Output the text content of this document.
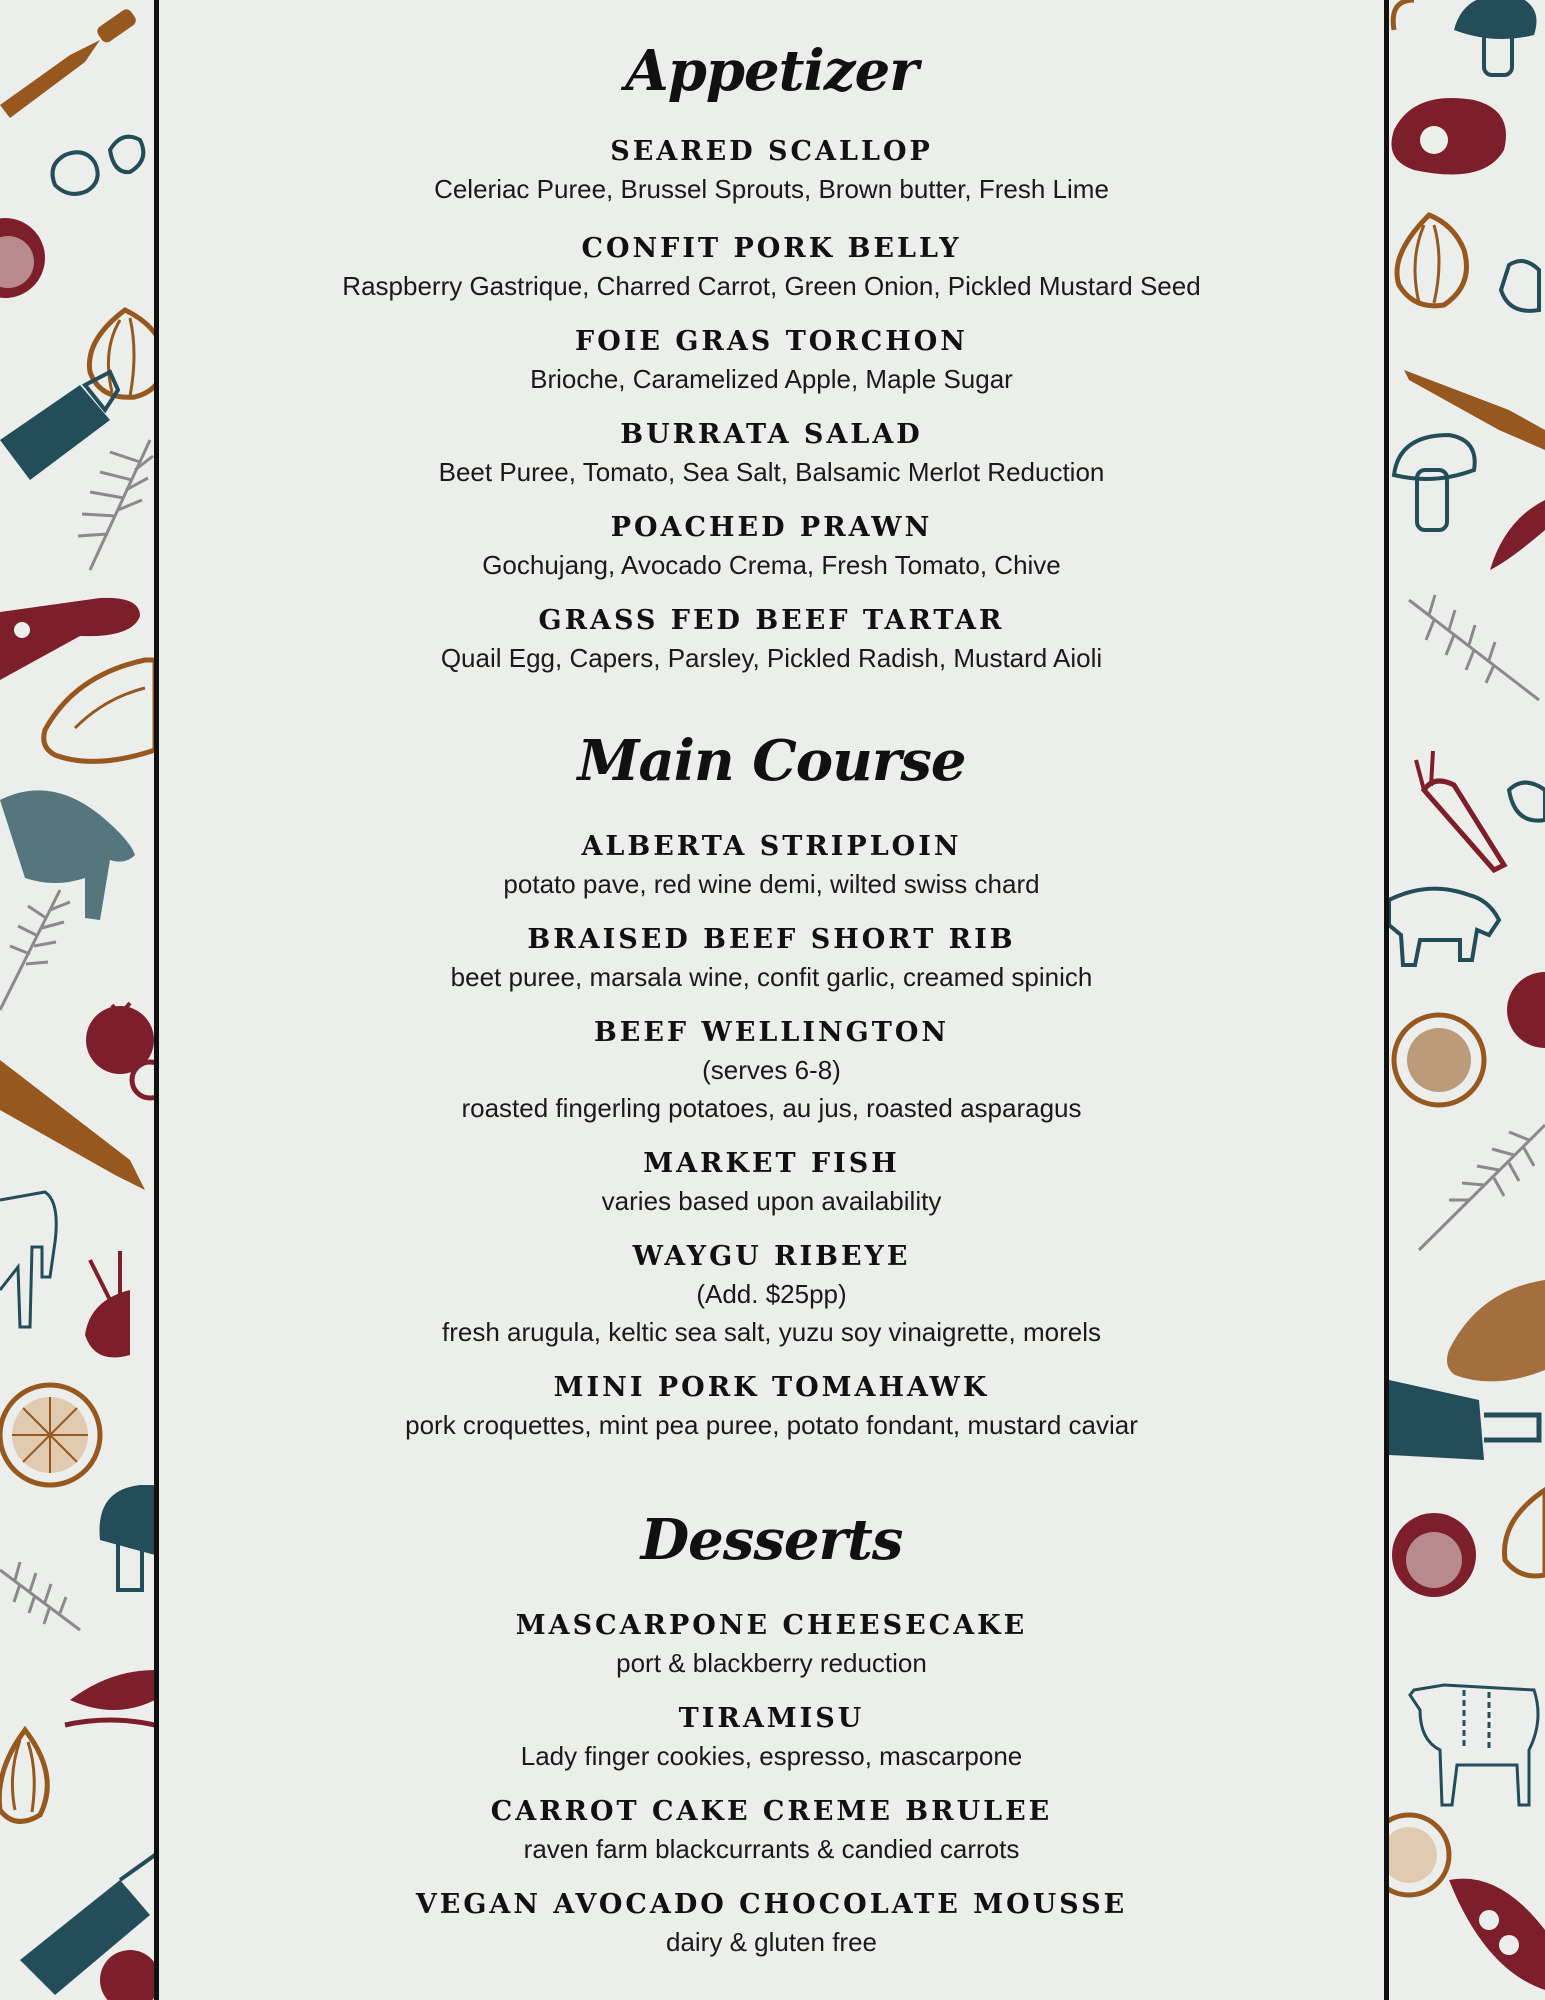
Appetizer
SEARED SCALLOP
Celeriac Puree, Brussel Sprouts, Brown butter, Fresh Lime
CONFIT PORK BELLY
Raspberry Gastrique, Charred Carrot, Green Onion, Pickled Mustard Seed
FOIE GRAS TORCHON
Brioche, Caramelized Apple, Maple Sugar
BURRATA SALAD
Beet Puree, Tomato, Sea Salt, Balsamic Merlot Reduction
POACHED PRAWN
Gochujang, Avocado Crema, Fresh Tomato, Chive
GRASS FED BEEF TARTAR
Quail Egg, Capers, Parsley, Pickled Radish, Mustard Aioli
Main Course
ALBERTA STRIPLOIN
potato pave, red wine demi, wilted swiss chard
BRAISED BEEF SHORT RIB
beet puree, marsala wine, confit garlic, creamed spinich
BEEF WELLINGTON
(serves 6-8)
roasted fingerling potatoes, au jus, roasted asparagus
MARKET FISH
varies based upon availability
WAYGU RIBEYE
(Add. $25pp)
fresh arugula, keltic sea salt, yuzu soy vinaigrette, morels
MINI PORK TOMAHAWK
pork croquettes, mint pea puree, potato fondant, mustard caviar
Desserts
MASCARPONE CHEESECAKE
port & blackberry reduction
TIRAMISU
Lady finger cookies, espresso, mascarpone
CARROT CAKE CREME BRULEE
raven farm blackcurrants & candied carrots
VEGAN AVOCADO CHOCOLATE MOUSSE
dairy & gluten free
